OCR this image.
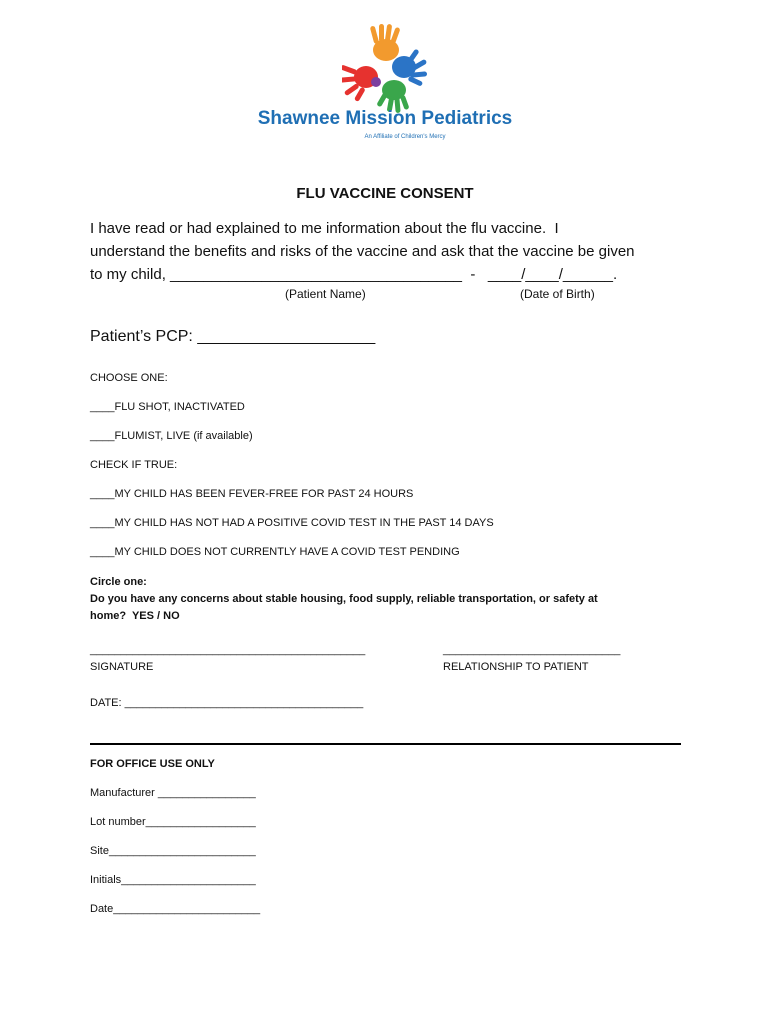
Shawnee Mission Pediatrics
An Affiliate of Children's Mercy
FLU VACCINE CONSENT
I have read or had explained to me information about the flu vaccine.  I
understand the benefits and risks of the vaccine and ask that the vaccine be given
to my child, ___________________________________  -   ____/____/______.
(Patient Name)	(Date of Birth)
Patient’s PCP: ____________________
CHOOSE ONE:
____FLU SHOT, INACTIVATED
____FLUMIST, LIVE (if available)
CHECK IF TRUE:
____MY CHILD HAS BEEN FEVER-FREE FOR PAST 24 HOURS
____MY CHILD HAS NOT HAD A POSITIVE COVID TEST IN THE PAST 14 DAYS
____MY CHILD DOES NOT CURRENTLY HAVE A COVID TEST PENDING
Circle one:
Do you have any concerns about stable housing, food supply, reliable transportation, or safety at
home?  YES / NO
_____________________________________________
SIGNATURE
_____________________________
RELATIONSHIP TO PATIENT
DATE: _______________________________________
FOR OFFICE USE ONLY
Manufacturer ________________
Lot number__________________
Site________________________
Initials______________________
Date________________________
